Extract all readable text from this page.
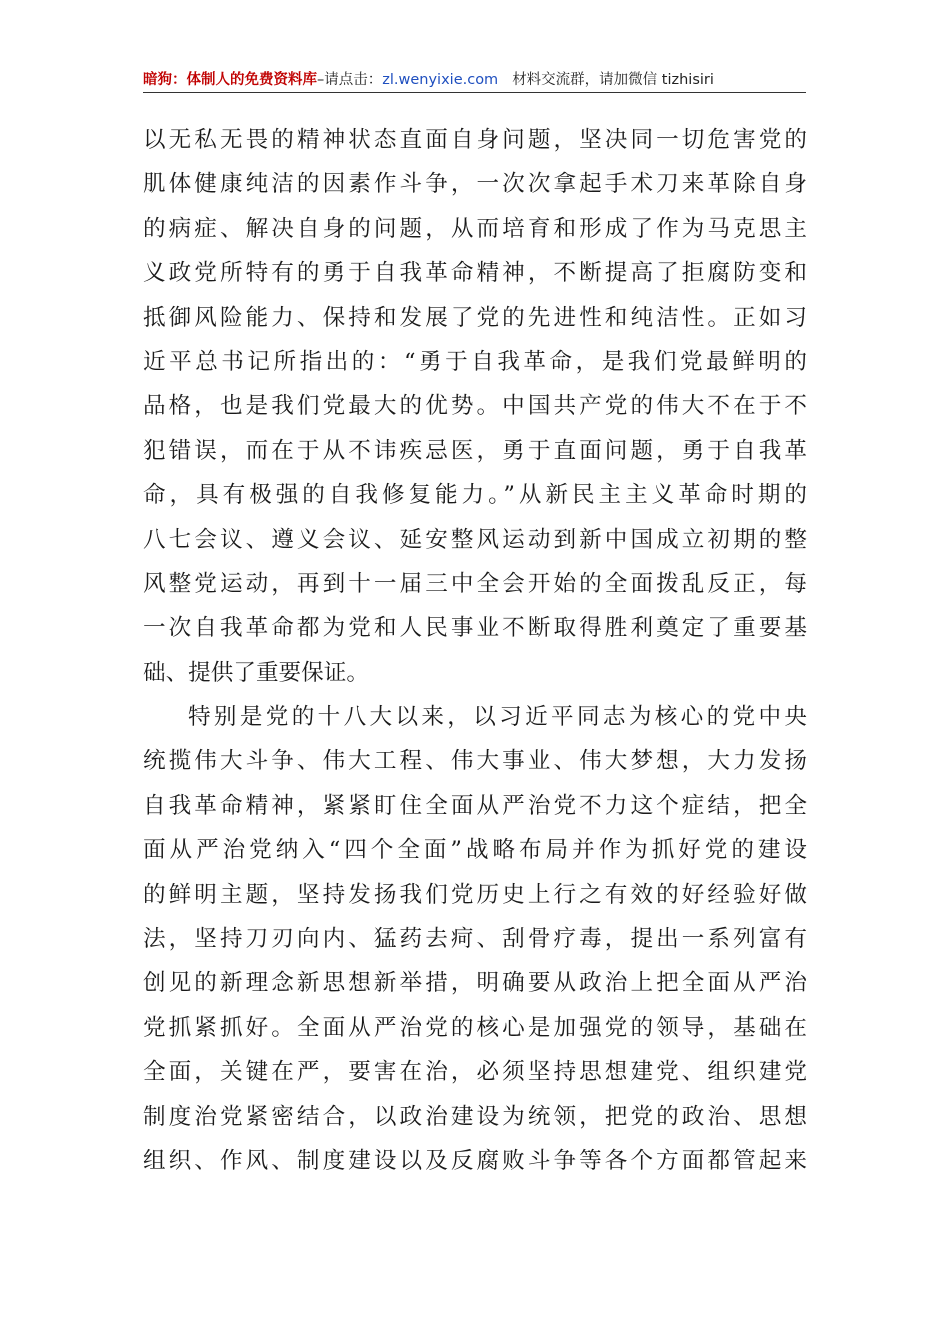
暗狗：体制人的免费资料库–请点击：zl.wenyixie.com 材料交流群，请加微信 tizhisiri
以无私无畏的精神状态直面自身问题，坚决同一切危害党的
肌体健康纯洁的因素作斗争，一次次拿起手术刀来革除自身
的病症、解决自身的问题，从而培育和形成了作为马克思主
义政党所特有的勇于自我革命精神，不断提高了拒腐防变和
抵御风险能力、保持和发展了党的先进性和纯洁性。正如习
近平总书记所指出的：“勇于自我革命，是我们党最鲜明的
品格，也是我们党最大的优势。中国共产党的伟大不在于不
犯错误，而在于从不讳疾忌医，勇于直面问题，勇于自我革
命，具有极强的自我修复能力。”从新民主主义革命时期的
八七会议、遵义会议、延安整风运动到新中国成立初期的整
风整党运动，再到十一届三中全会开始的全面拨乱反正，每
一次自我革命都为党和人民事业不断取得胜利奠定了重要基
础、提供了重要保证。
特别是党的十八大以来，以习近平同志为核心的党中央
统揽伟大斗争、伟大工程、伟大事业、伟大梦想，大力发扬
自我革命精神，紧紧盯住全面从严治党不力这个症结，把全
面从严治党纳入“四个全面”战略布局并作为抓好党的建设
的鲜明主题，坚持发扬我们党历史上行之有效的好经验好做
法，坚持刀刃向内、猛药去疴、刮骨疗毒，提出一系列富有
创见的新理念新思想新举措，明确要从政治上把全面从严治
党抓紧抓好。全面从严治党的核心是加强党的领导，基础在
全面，关键在严，要害在治，必须坚持思想建党、组织建党
制度治党紧密结合，以政治建设为统领，把党的政治、思想
组织、作风、制度建设以及反腐败斗争等各个方面都管起来
